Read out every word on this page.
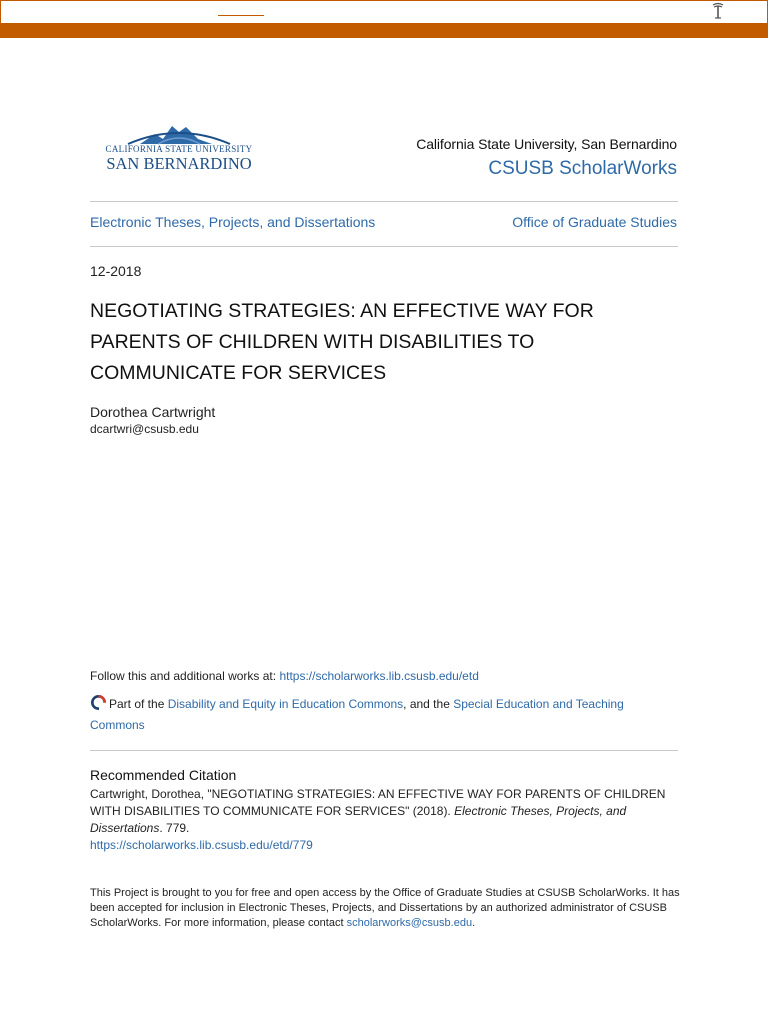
CALIFORNIA STATE UNIVERSITY
SAN BERNARDINO
California State University, San Bernardino
CSUSB ScholarWorks
Electronic Theses, Projects, and Dissertations	Office of Graduate Studies
12-2018
NEGOTIATING STRATEGIES: AN EFFECTIVE WAY FOR PARENTS OF CHILDREN WITH DISABILITIES TO COMMUNICATE FOR SERVICES
Dorothea Cartwright
dcartwri@csusb.edu
Follow this and additional works at: https://scholarworks.lib.csusb.edu/etd
Part of the Disability and Equity in Education Commons, and the Special Education and Teaching Commons
Recommended Citation
Cartwright, Dorothea, "NEGOTIATING STRATEGIES: AN EFFECTIVE WAY FOR PARENTS OF CHILDREN WITH DISABILITIES TO COMMUNICATE FOR SERVICES" (2018). Electronic Theses, Projects, and Dissertations. 779.
https://scholarworks.lib.csusb.edu/etd/779
This Project is brought to you for free and open access by the Office of Graduate Studies at CSUSB ScholarWorks. It has been accepted for inclusion in Electronic Theses, Projects, and Dissertations by an authorized administrator of CSUSB ScholarWorks. For more information, please contact scholarworks@csusb.edu.
